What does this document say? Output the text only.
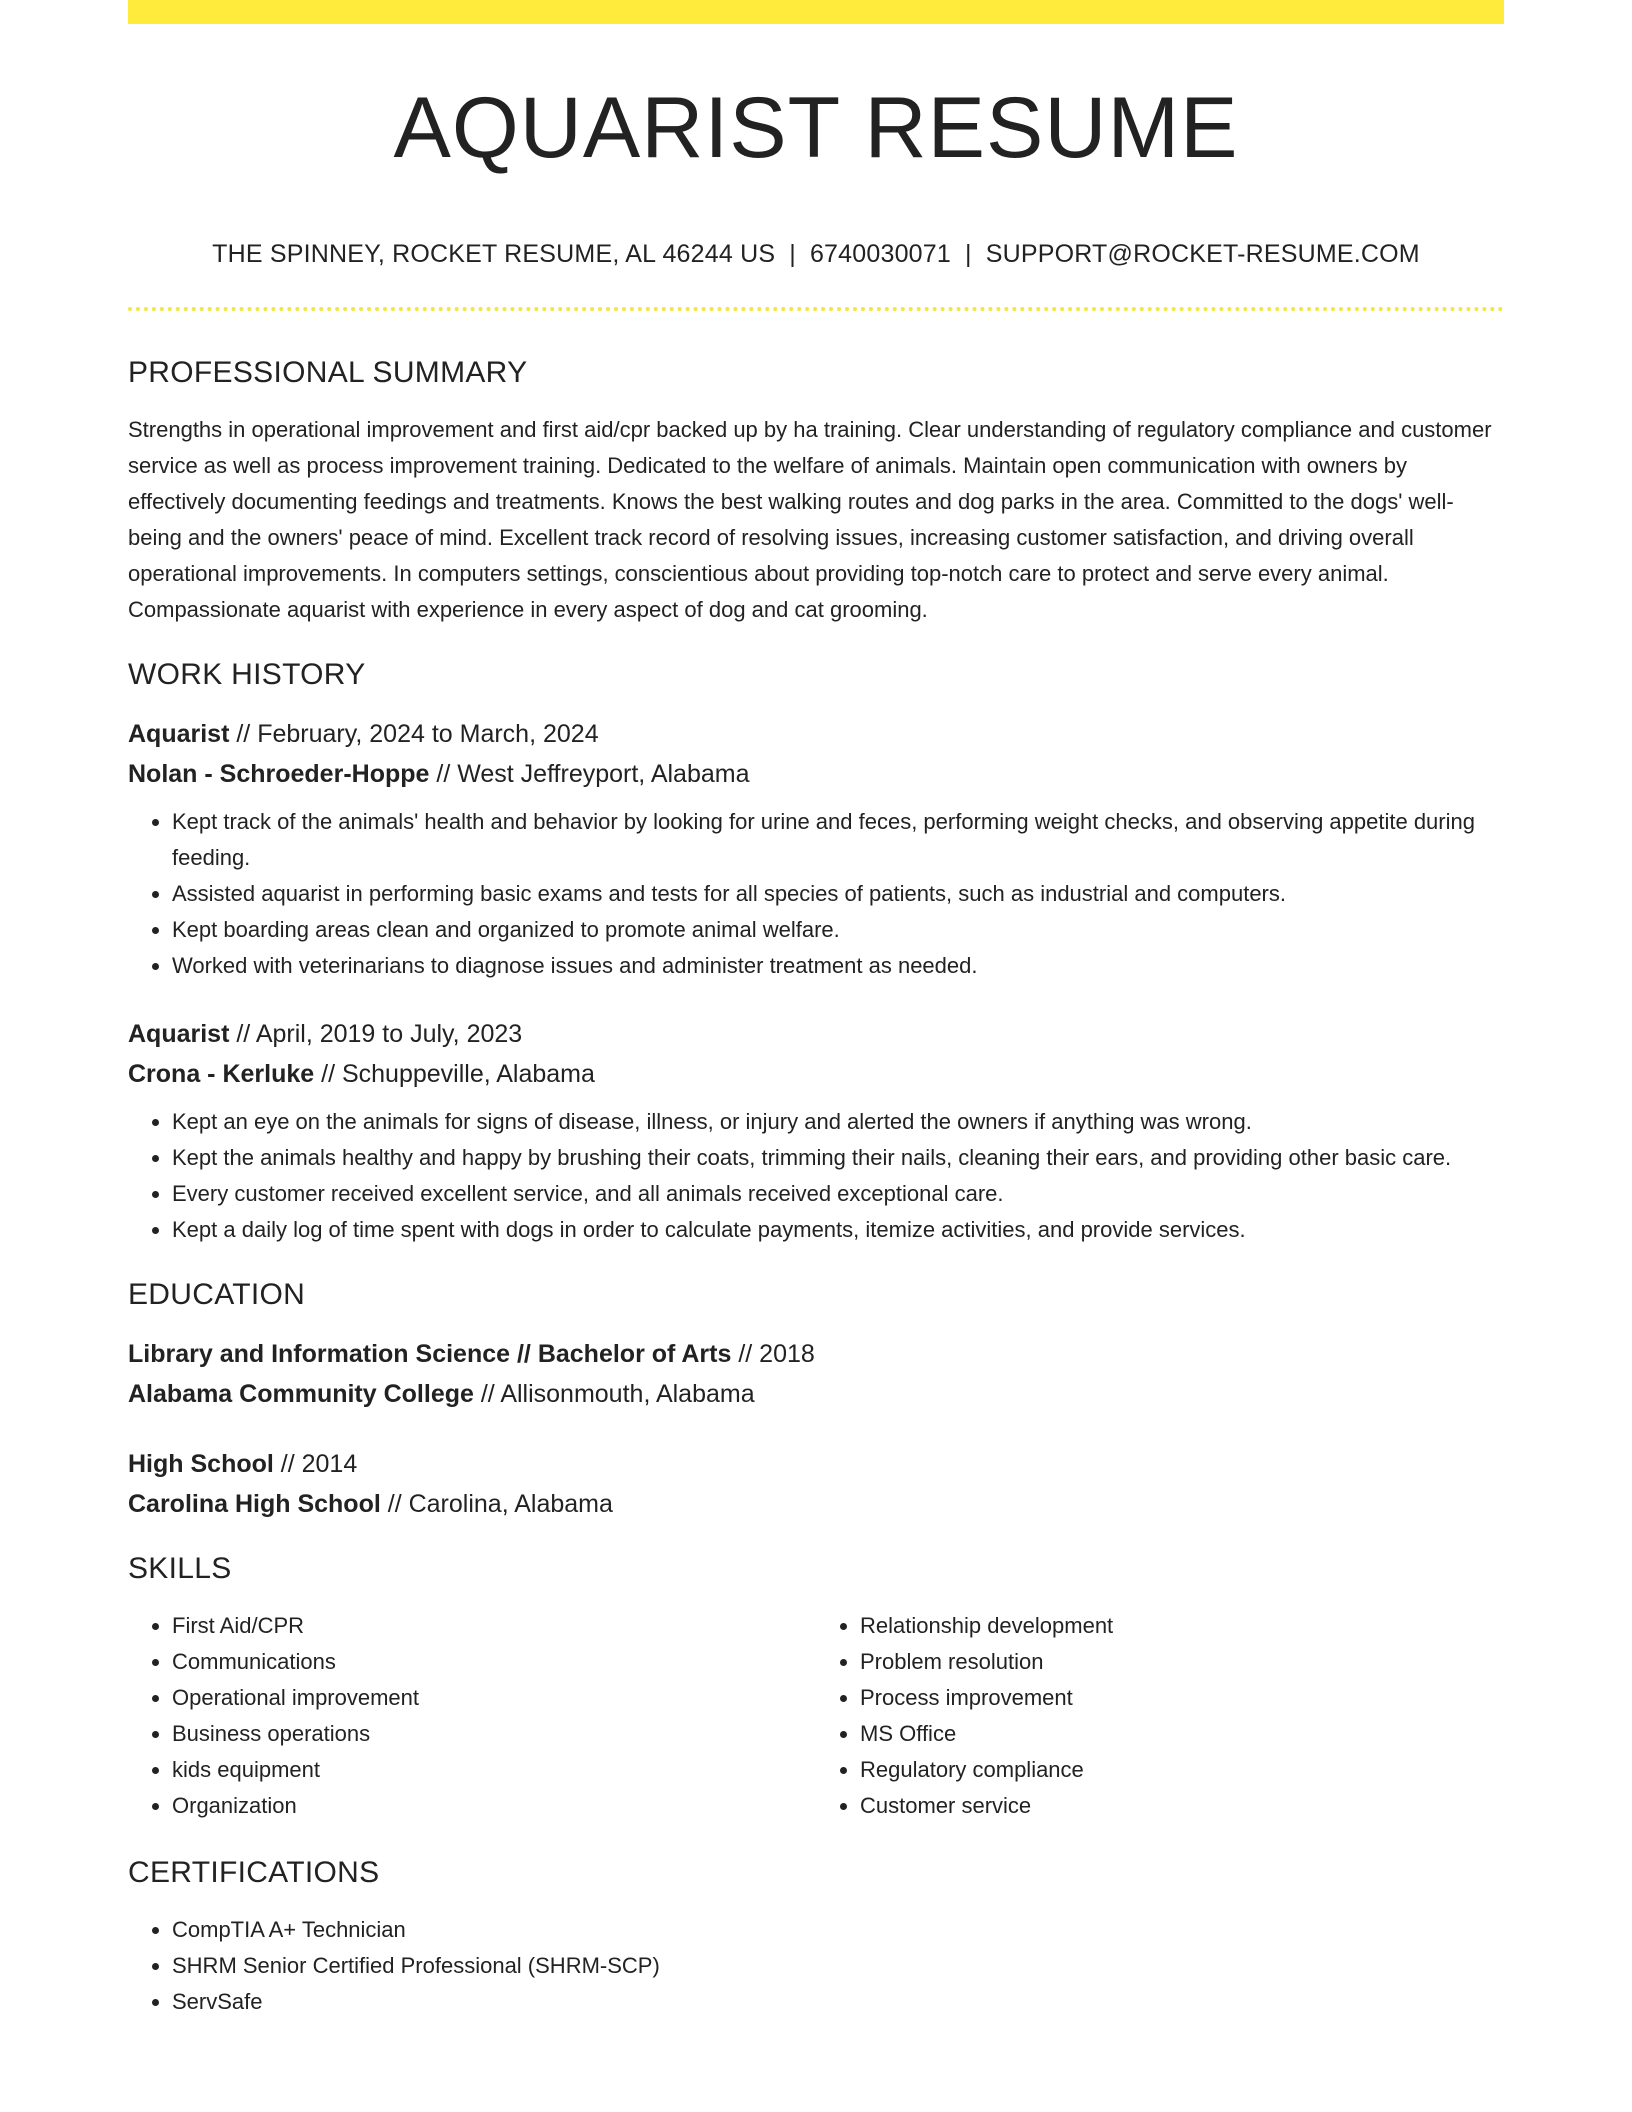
AQUARIST RESUME
THE SPINNEY, ROCKET RESUME, AL 46244 US | 6740030071 | SUPPORT@ROCKET-RESUME.COM
PROFESSIONAL SUMMARY

Strengths in operational improvement and first aid/cpr backed up by ha training. Clear understanding of regulatory compliance and customer service as well as process improvement training. Dedicated to the welfare of animals. Maintain open communication with owners by effectively documenting feedings and treatments. Knows the best walking routes and dog parks in the area. Committed to the dogs' well-being and the owners' peace of mind. Excellent track record of resolving issues, increasing customer satisfaction, and driving overall operational improvements. In computers settings, conscientious about providing top-notch care to protect and serve every animal. Compassionate aquarist with experience in every aspect of dog and cat grooming.

WORK HISTORY

Aquarist // February, 2024 to March, 2024

Nolan - Schroeder-Hoppe // West Jeffreyport, Alabama

• Kept track of the animals' health and behavior by looking for urine and feces, performing weight checks, and observing appetite during feeding.
• Assisted aquarist in performing basic exams and tests for all species of patients, such as industrial and computers.
• Kept boarding areas clean and organized to promote animal welfare.
• Worked with veterinarians to diagnose issues and administer treatment as needed.

Aquarist // April, 2019 to July, 2023

Crona - Kerluke // Schuppeville, Alabama

• Kept an eye on the animals for signs of disease, illness, or injury and alerted the owners if anything was wrong.
• Kept the animals healthy and happy by brushing their coats, trimming their nails, cleaning their ears, and providing other basic care.
• Every customer received excellent service, and all animals received exceptional care.
• Kept a daily log of time spent with dogs in order to calculate payments, itemize activities, and provide services.
EDUCATION

Library and Information Science // Bachelor of Arts // 2018

Alabama Community College // Allisonmouth, Alabama

High School // 2014

Carolina High School // Carolina, Alabama

SKILLS
• First Aid/CPR
• Communications
• Operational improvement
• Business operations
• kids equipment
• Organization
• Relationship development
• Problem resolution
• Process improvement
• MS Office
• Regulatory compliance
• Customer service
CERTIFICATIONS
• CompTIA A+ Technician
• SHRM Senior Certified Professional (SHRM-SCP)
• ServSafe
